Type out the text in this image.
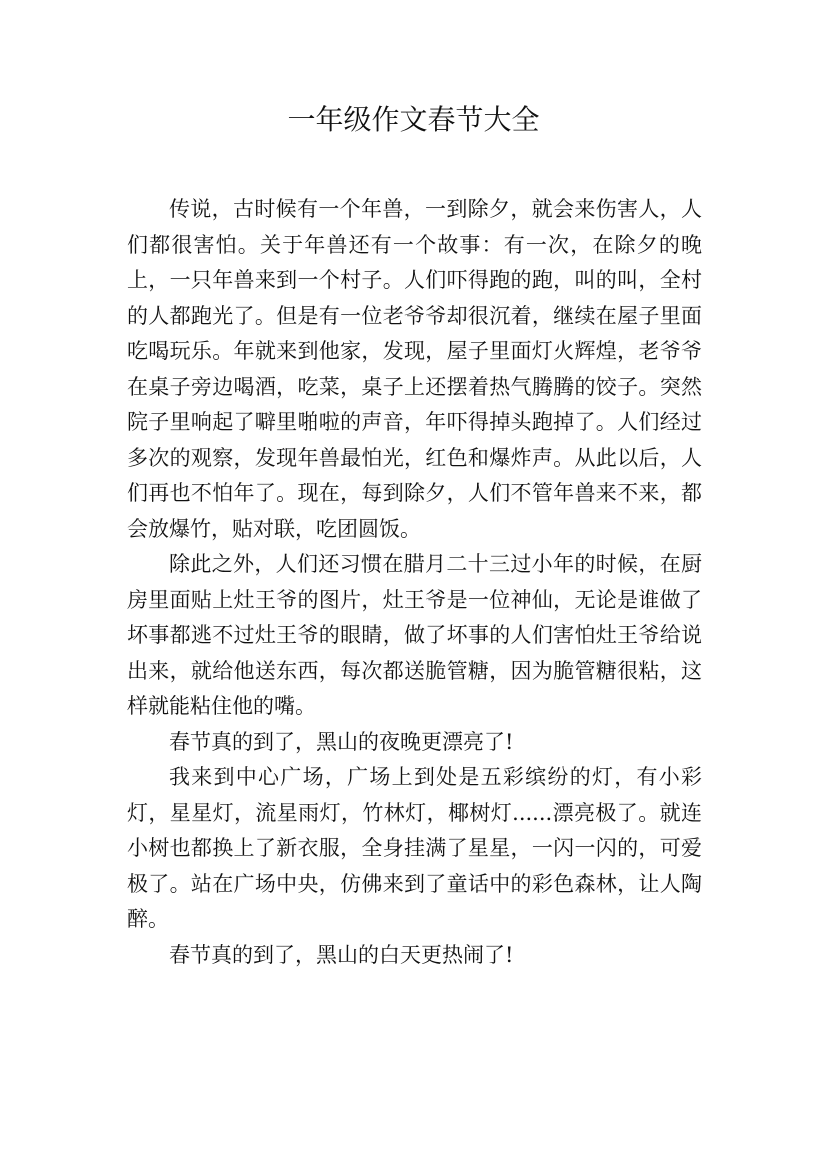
一年级作文春节大全

传说，古时候有一个年兽，一到除夕，就会来伤害人，人们都很害怕。关于年兽还有一个故事：有一次，在除夕的晚上，一只年兽来到一个村子。人们吓得跑的跑，叫的叫，全村的人都跑光了。但是有一位老爷爷却很沉着，继续在屋子里面吃喝玩乐。年就来到他家，发现，屋子里面灯火辉煌，老爷爷在桌子旁边喝酒，吃菜，桌子上还摆着热气腾腾的饺子。突然院子里响起了噼里啪啦的声音，年吓得掉头跑掉了。人们经过多次的观察，发现年兽最怕光，红色和爆炸声。从此以后，人们再也不怕年了。现在，每到除夕，人们不管年兽来不来，都会放爆竹，贴对联，吃团圆饭。

除此之外，人们还习惯在腊月二十三过小年的时候，在厨房里面贴上灶王爷的图片，灶王爷是一位神仙，无论是谁做了坏事都逃不过灶王爷的眼睛，做了坏事的人们害怕灶王爷给说出来，就给他送东西，每次都送脆管糖，因为脆管糖很粘，这样就能粘住他的嘴。

春节真的到了，黑山的夜晚更漂亮了!

我来到中心广场，广场上到处是五彩缤纷的灯，有小彩灯，星星灯，流星雨灯，竹林灯，椰树灯......漂亮极了。就连小树也都换上了新衣服，全身挂满了星星，一闪一闪的，可爱极了。站在广场中央，仿佛来到了童话中的彩色森林，让人陶醉。

春节真的到了，黑山的白天更热闹了!
